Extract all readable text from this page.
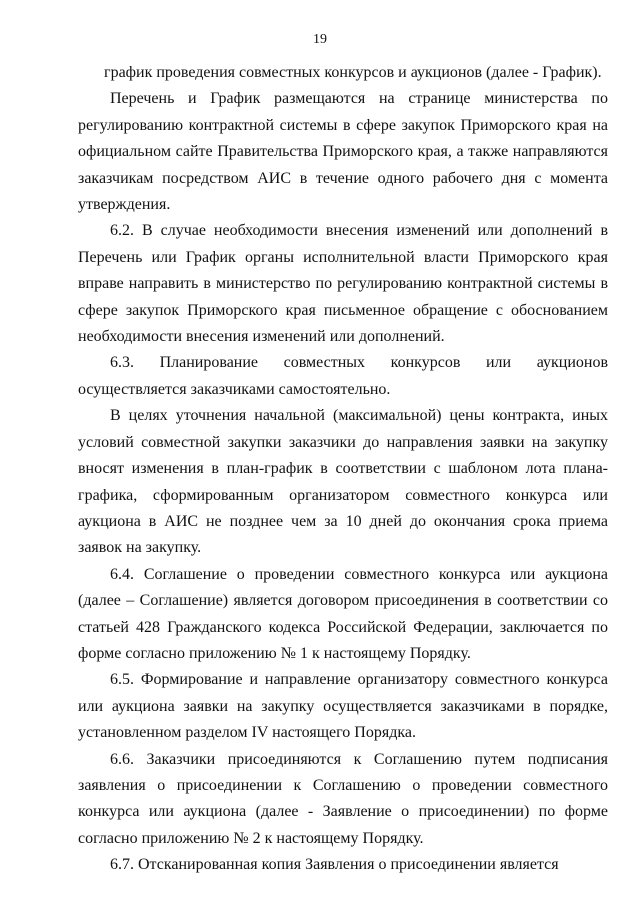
19

график проведения совместных конкурсов и аукционов (далее - График).

Перечень и График размещаются на странице министерства по регулированию контрактной системы в сфере закупок Приморского края на официальном сайте Правительства Приморского края, а также направляются заказчикам посредством АИС в течение одного рабочего дня с момента утверждения.

6.2. В случае необходимости внесения изменений или дополнений в Перечень или График органы исполнительной власти Приморского края вправе направить в министерство по регулированию контрактной системы в сфере закупок Приморского края письменное обращение с обоснованием необходимости внесения изменений или дополнений.

6.3. Планирование совместных конкурсов или аукционов осуществляется заказчиками самостоятельно.

В целях уточнения начальной (максимальной) цены контракта, иных условий совместной закупки заказчики до направления заявки на закупку вносят изменения в план-график в соответствии с шаблоном лота плана-графика, сформированным организатором совместного конкурса или аукциона в АИС не позднее чем за 10 дней до окончания срока приема заявок на закупку.

6.4. Соглашение о проведении совместного конкурса или аукциона (далее – Соглашение) является договором присоединения в соответствии со статьей 428 Гражданского кодекса Российской Федерации, заключается по форме согласно приложению № 1 к настоящему Порядку.

6.5. Формирование и направление организатору совместного конкурса или аукциона заявки на закупку осуществляется заказчиками в порядке, установленном разделом IV настоящего Порядка.

6.6. Заказчики присоединяются к Соглашению путем подписания заявления о присоединении к Соглашению о проведении совместного конкурса или аукциона (далее - Заявление о присоединении) по форме согласно приложению № 2 к настоящему Порядку.

6.7. Отсканированная копия Заявления о присоединении является
